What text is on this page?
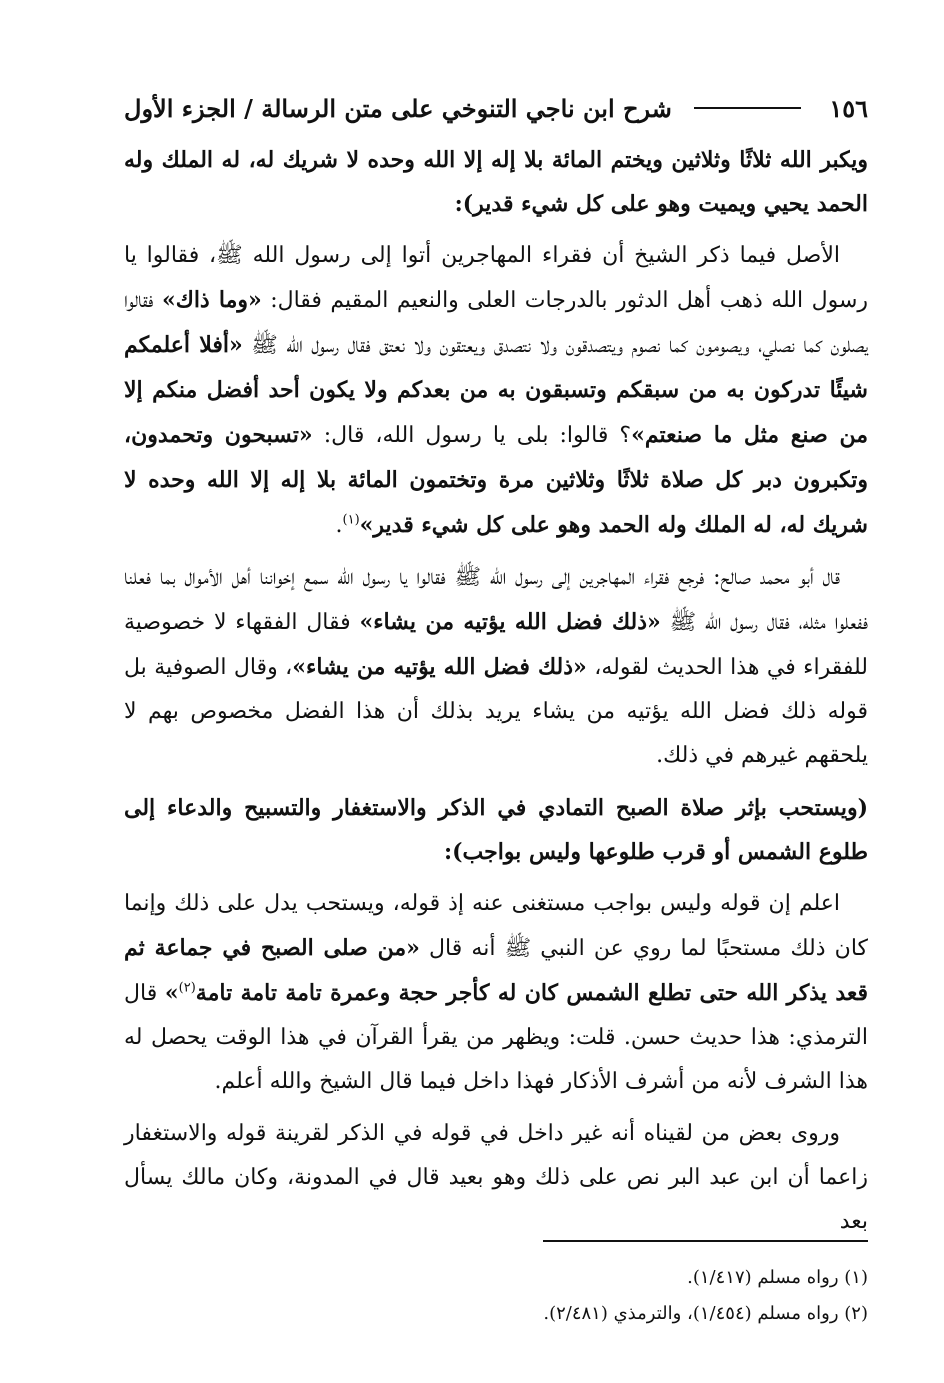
١٥٦
شرح ابن ناجي التنوخي على متن الرسالة / الجزء الأول

ويكبر الله ثلاثًا وثلاثين ويختم المائة بلا إله إلا الله وحده لا شريك له، له الملك وله الحمد يحيي ويميت وهو على كل شيء قدير):

الأصل فيما ذكر الشيخ أن فقراء المهاجرين أتوا إلى رسول الله ﷺ، فقالوا يا رسول الله ذهب أهل الدثور بالدرجات العلى والنعيم المقيم فقال: «وما ذاك» فقالوا يصلون كما نصلي، ويصومون كما نصوم ويتصدقون ولا نتصدق ويعتقون ولا نعتق فقال رسول الله ﷺ «أفلا أعلمكم شيئًا تدركون به من سبقكم وتسبقون به من بعدكم ولا يكون أحد أفضل منكم إلا من صنع مثل ما صنعتم»؟ قالوا: بلى يا رسول الله، قال: «تسبحون وتحمدون، وتكبرون دبر كل صلاة ثلاثًا وثلاثين مرة وتختمون المائة بلا إله إلا الله وحده لا شريك له، له الملك وله الحمد وهو على كل شيء قدير»$^{(١)}$.

قال أبو محمد صالح: فرجع فقراء المهاجرين إلى رسول الله ﷺ فقالوا يا رسول الله سمع إخواننا أهل الأموال بما فعلنا ففعلوا مثله، فقال رسول الله ﷺ «ذلك فضل الله يؤتيه من يشاء» فقال الفقهاء لا خصوصية للفقراء في هذا الحديث لقوله، «ذلك فضل الله يؤتيه من يشاء»، وقال الصوفية بل قوله ذلك فضل الله يؤتيه من يشاء يريد بذلك أن هذا الفضل مخصوص بهم لا يلحقهم غيرهم في ذلك.

(ويستحب بإثر صلاة الصبح التمادي في الذكر والاستغفار والتسبيح والدعاء إلى طلوع الشمس أو قرب طلوعها وليس بواجب):

اعلم إن قوله وليس بواجب مستغنى عنه إذ قوله، ويستحب يدل على ذلك وإنما كان ذلك مستحبًا لما روي عن النبي ﷺ أنه قال «من صلى الصبح في جماعة ثم قعد يذكر الله حتى تطلع الشمس كان له كأجر حجة وعمرة تامة تامة تامة$^{(٢)}$» قال الترمذي: هذا حديث حسن. قلت: ويظهر من يقرأ القرآن في هذا الوقت يحصل له هذا الشرف لأنه من أشرف الأذكار فهذا داخل فيما قال الشيخ والله أعلم.

وروى بعض من لقيناه أنه غير داخل في قوله في الذكر لقرينة قوله والاستغفار زاعما أن ابن عبد البر نص على ذلك وهو بعيد قال في المدونة، وكان مالك يسأل بعد

(١) رواه مسلم (١/٤١٧).

(٢) رواه مسلم (١/٤٥٤)، والترمذي (٢/٤٨١).
